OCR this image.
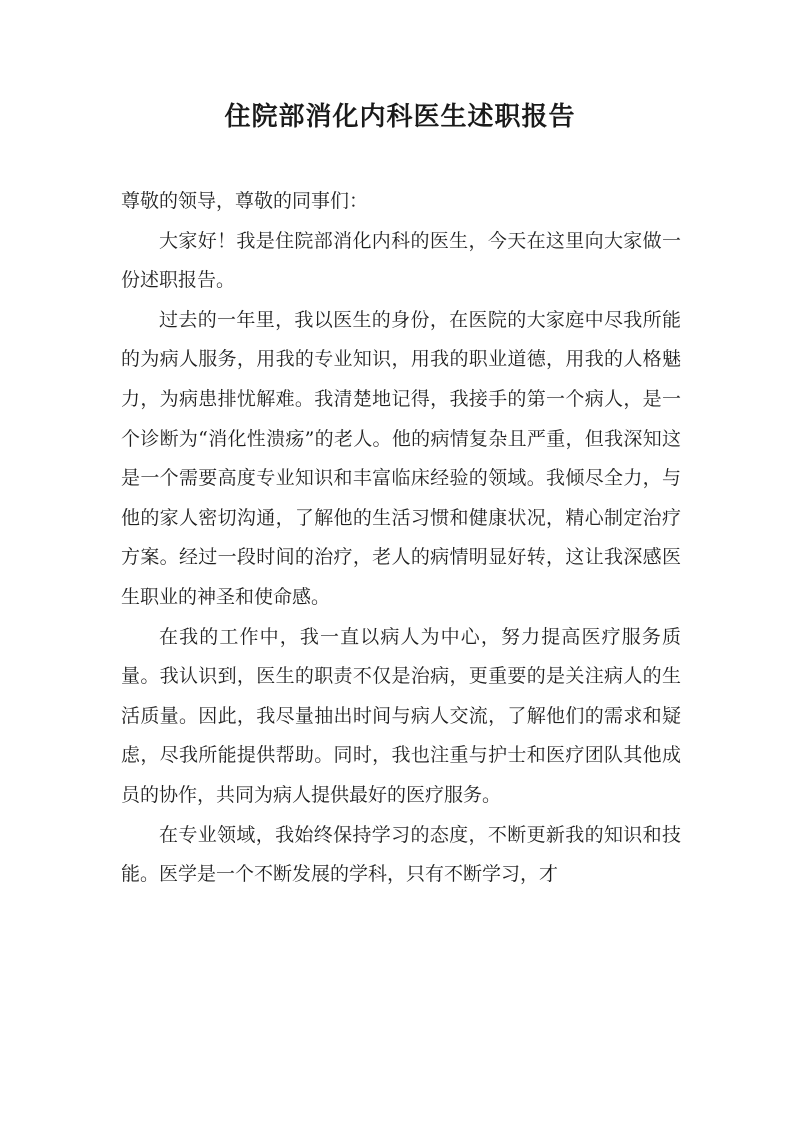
住院部消化内科医生述职报告

尊敬的领导，尊敬的同事们：

大家好！我是住院部消化内科的医生，今天在这里向大家做一份述职报告。

过去的一年里，我以医生的身份，在医院的大家庭中尽我所能的为病人服务，用我的专业知识，用我的职业道德，用我的人格魅力，为病患排忧解难。我清楚地记得，我接手的第一个病人，是一个诊断为“消化性溃疡”的老人。他的病情复杂且严重，但我深知这是一个需要高度专业知识和丰富临床经验的领域。我倾尽全力，与他的家人密切沟通，了解他的生活习惯和健康状况，精心制定治疗方案。经过一段时间的治疗，老人的病情明显好转，这让我深感医生职业的神圣和使命感。

在我的工作中，我一直以病人为中心，努力提高医疗服务质量。我认识到，医生的职责不仅是治病，更重要的是关注病人的生活质量。因此，我尽量抽出时间与病人交流，了解他们的需求和疑虑，尽我所能提供帮助。同时，我也注重与护士和医疗团队其他成员的协作，共同为病人提供最好的医疗服务。

在专业领域，我始终保持学习的态度，不断更新我的知识和技能。医学是一个不断发展的学科，只有不断学习，才
